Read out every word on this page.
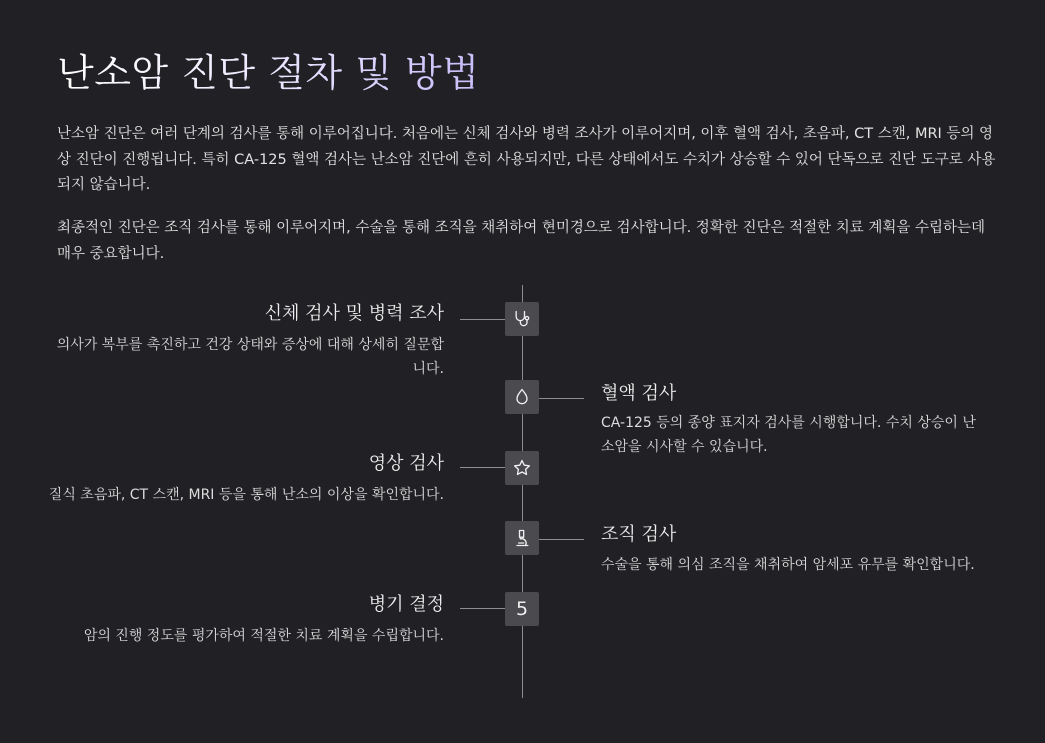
난소암 진단 절차 및 방법

난소암 진단은 여러 단계의 검사를 통해 이루어집니다. 처음에는 신체 검사와 병력 조사가 이루어지며, 이후 혈액 검사, 초음파, CT 스캔, MRI 등의 영상 진단이 진행됩니다. 특히 CA-125 혈액 검사는 난소암 진단에 흔히 사용되지만, 다른 상태에서도 수치가 상승할 수 있어 단독으로 진단 도구로 사용되지 않습니다.

최종적인 진단은 조직 검사를 통해 이루어지며, 수술을 통해 조직을 채취하여 현미경으로 검사합니다. 정확한 진단은 적절한 치료 계획을 수립하는데 매우 중요합니다.

신체 검사 및 병력 조사

의사가 복부를 촉진하고 건강 상태와 증상에 대해 상세히 질문합니다.

혈액 검사

CA-125 등의 종양 표지자 검사를 시행합니다. 수치 상승이 난소암을 시사할 수 있습니다.

영상 검사

질식 초음파, CT 스캔, MRI 등을 통해 난소의 이상을 확인합니다.

조직 검사

수술을 통해 의심 조직을 채취하여 암세포 유무를 확인합니다.

병기 결정

암의 진행 정도를 평가하여 적절한 치료 계획을 수립합니다.

5
